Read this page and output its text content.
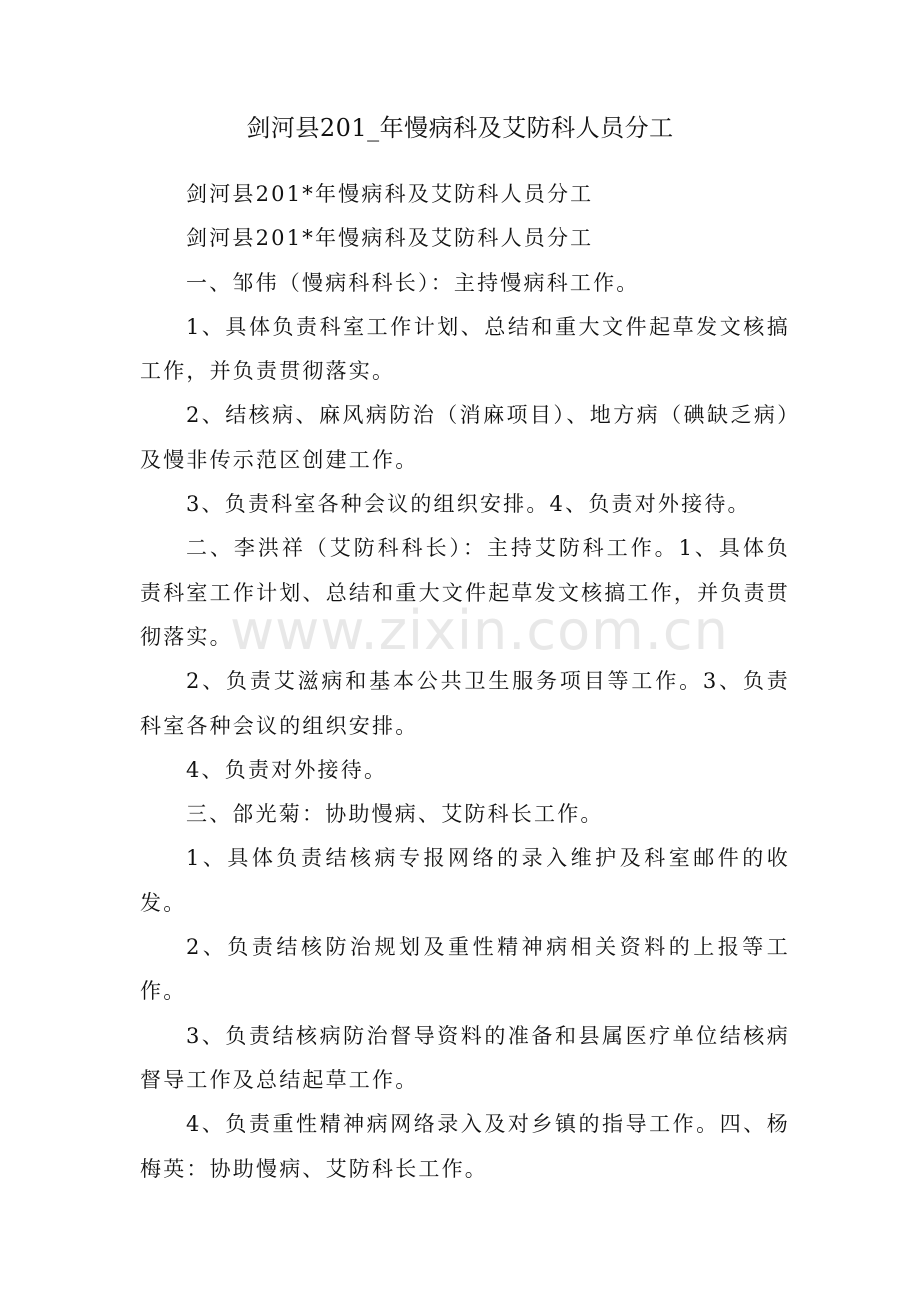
剑河县201_年慢病科及艾防科人员分工

剑河县201*年慢病科及艾防科人员分工

剑河县201*年慢病科及艾防科人员分工

一、邹伟（慢病科科长）：主持慢病科工作。

1、具体负责科室工作计划、总结和重大文件起草发文核搞工作，并负责贯彻落实。

2、结核病、麻风病防治（消麻项目）、地方病（碘缺乏病）及慢非传示范区创建工作。

3、负责科室各种会议的组织安排。4、负责对外接待。

二、李洪祥（艾防科科长）：主持艾防科工作。1、具体负责科室工作计划、总结和重大文件起草发文核搞工作，并负责贯彻落实。

2、负责艾滋病和基本公共卫生服务项目等工作。3、负责科室各种会议的组织安排。

4、负责对外接待。

三、郃光菊：协助慢病、艾防科长工作。

1、具体负责结核病专报网络的录入维护及科室邮件的收发。

2、负责结核防治规划及重性精神病相关资料的上报等工作。

3、负责结核病防治督导资料的准备和县属医疗单位结核病督导工作及总结起草工作。

4、负责重性精神病网络录入及对乡镇的指导工作。四、杨梅英：协助慢病、艾防科长工作。

www.zixin.com.cn
